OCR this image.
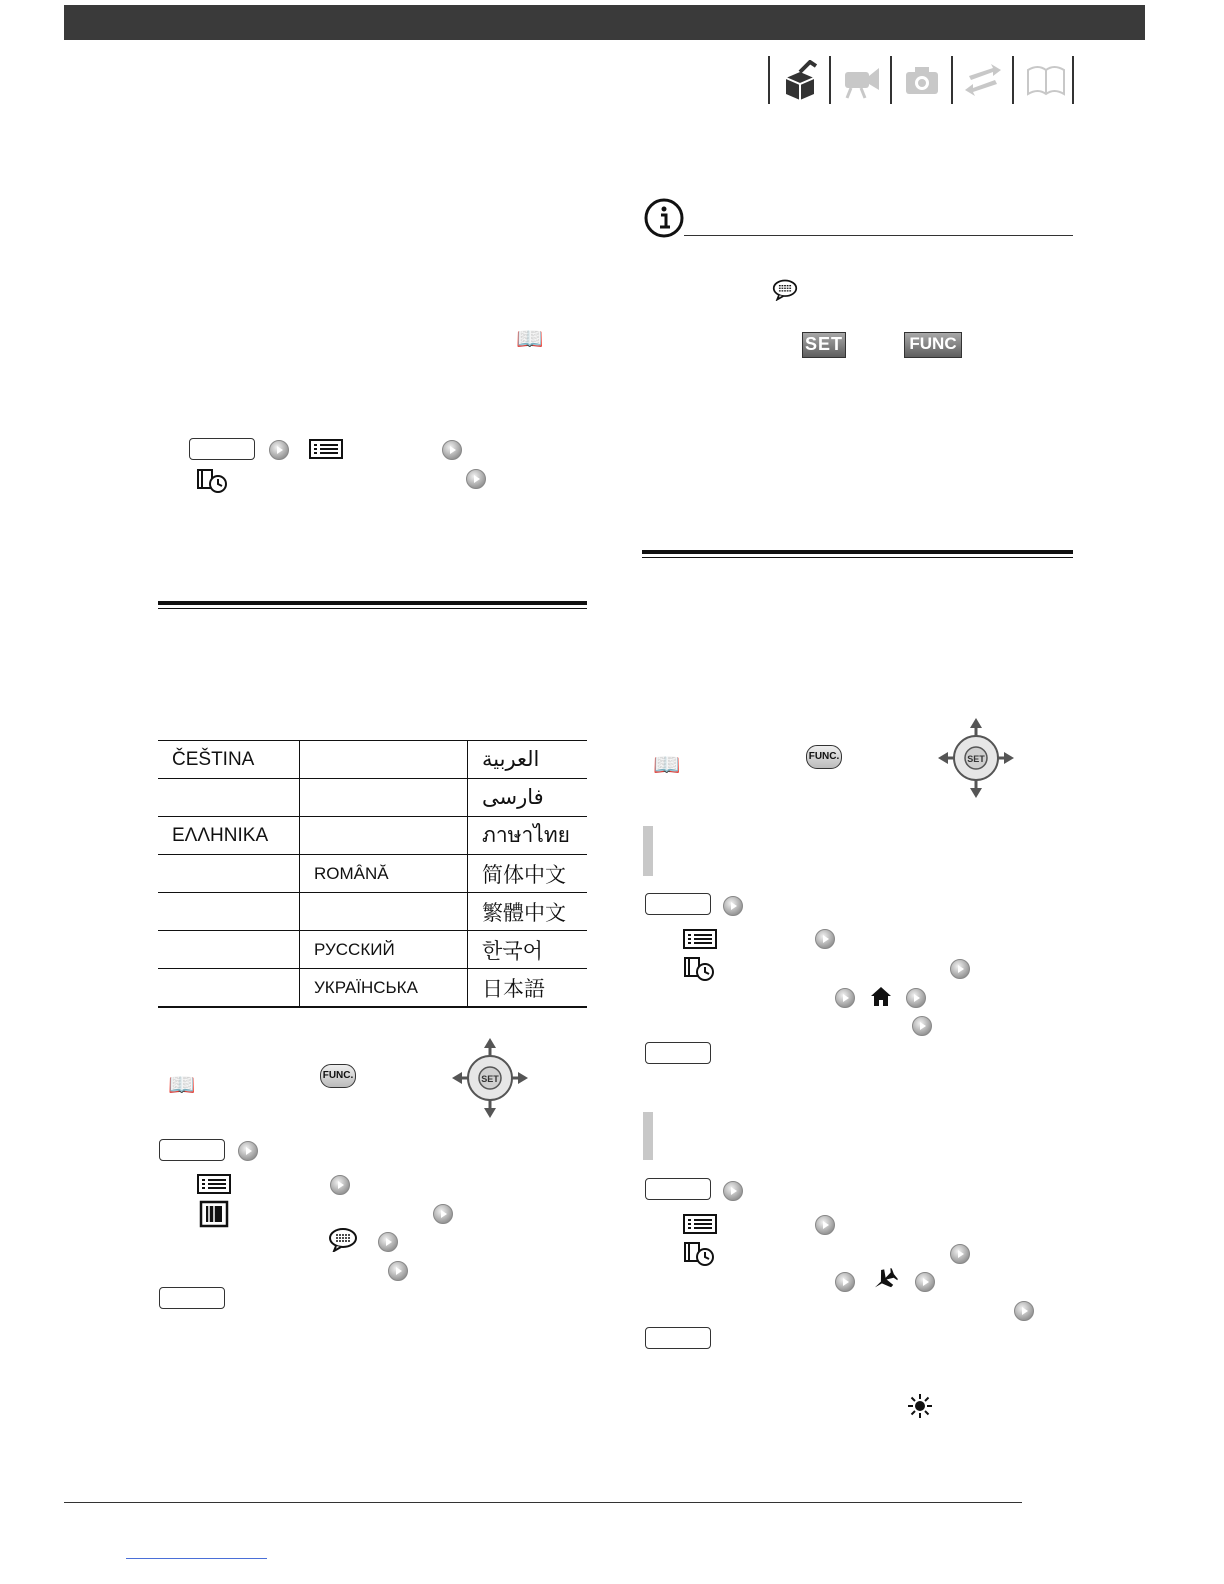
📖
ČEŠTINA		العربية
		فارسی
ΕΛΛΗΝΙΚΑ		ภาษาไทย
	ROMÂNĂ	简体中文
		繁體中文
	РУССКИЙ	한국어
	УКРАЇНСЬКА	日本語
📖	FUNC.	SET
SET	FUNC
📖	FUNC.	SET
